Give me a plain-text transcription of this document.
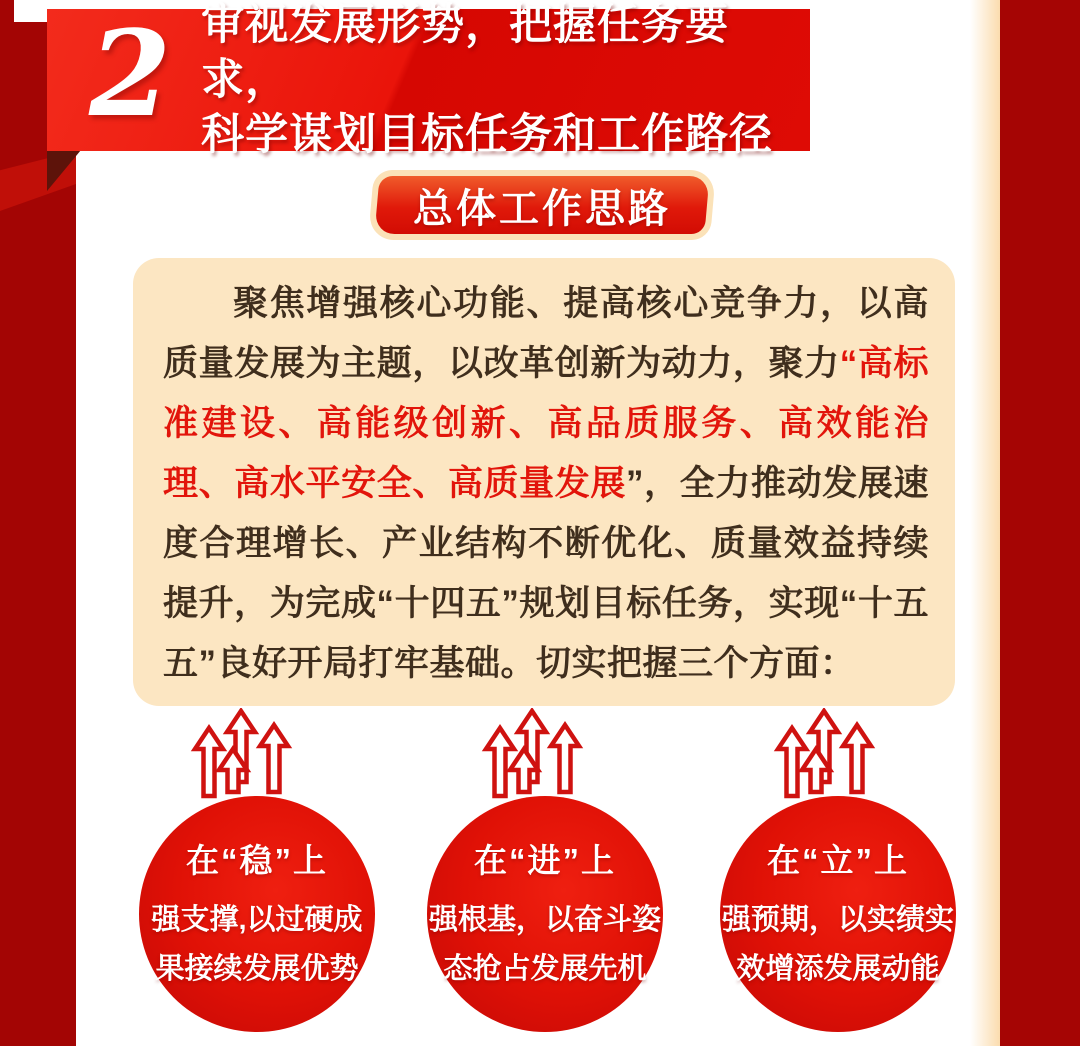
2 审视发展形势，把握任务要求，
科学谋划目标任务和工作路径
总体工作思路

聚焦增强核心功能、提高核心竞争力，以高质量发展为主题，以改革创新为动力，聚力“高标准建设、高能级创新、高品质服务、高效能治理、高水平安全、高质量发展”，全力推动发展速度合理增长、产业结构不断优化、质量效益持续提升，为完成“十四五”规划目标任务，实现“十五五”良好开局打牢基础。切实把握三个方面：

在“稳”上
强支撑,以过硬成
果接续发展优势
在“进”上
强根基，以奋斗姿
态抢占发展先机
在“立”上
强预期，以实绩实
效增添发展动能
